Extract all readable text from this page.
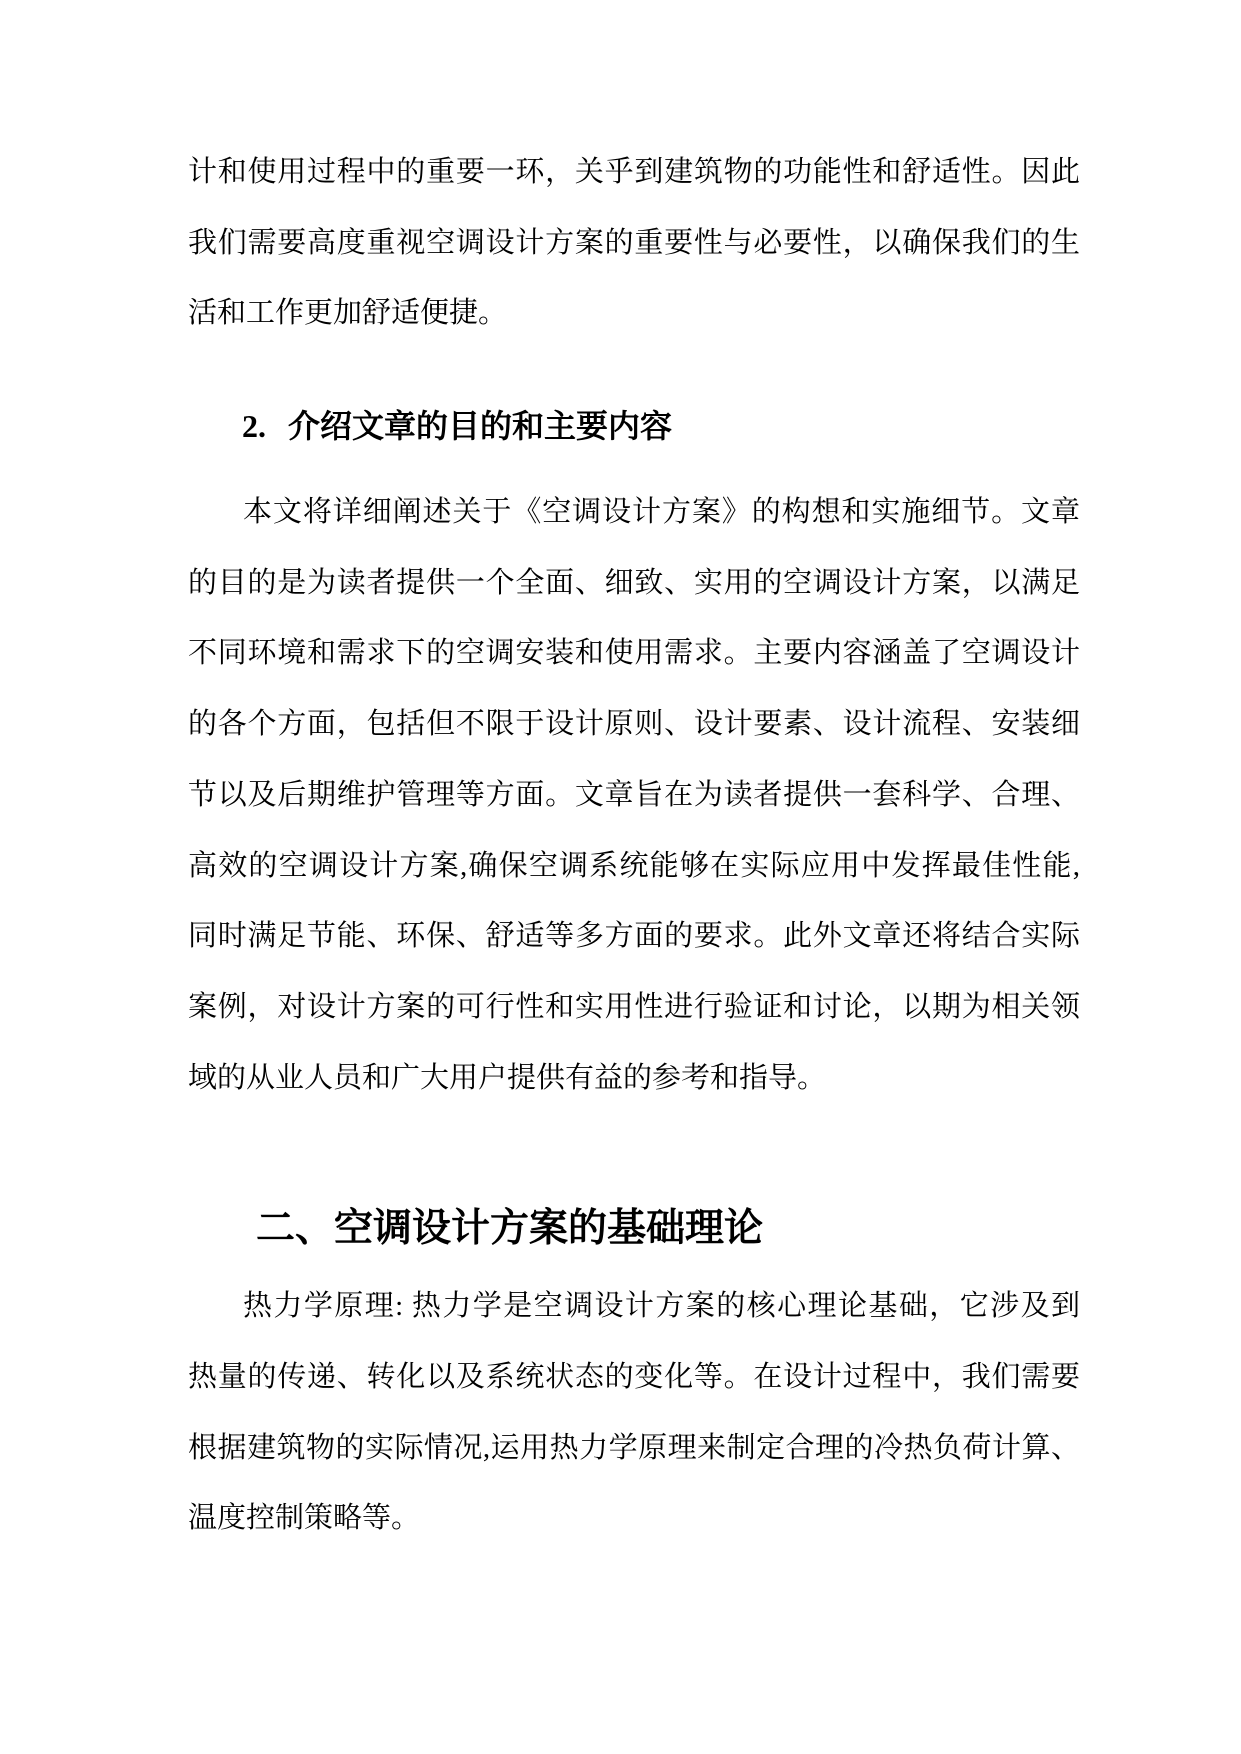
计和使用过程中的重要一环，关乎到建筑物的功能性和舒适性。因此
我们需要高度重视空调设计方案的重要性与必要性，以确保我们的生
活和工作更加舒适便捷。
2. 介绍文章的目的和主要内容
本文将详细阐述关于《空调设计方案》的构想和实施细节。文章
的目的是为读者提供一个全面、细致、实用的空调设计方案，以满足
不同环境和需求下的空调安装和使用需求。主要内容涵盖了空调设计
的各个方面，包括但不限于设计原则、设计要素、设计流程、安装细
节以及后期维护管理等方面。文章旨在为读者提供一套科学、合理、
高效的空调设计方案,确保空调系统能够在实际应用中发挥最佳性能,
同时满足节能、环保、舒适等多方面的要求。此外文章还将结合实际
案例，对设计方案的可行性和实用性进行验证和讨论，以期为相关领
域的从业人员和广大用户提供有益的参考和指导。
二、空调设计方案的基础理论
热力学原理: 热力学是空调设计方案的核心理论基础，它涉及到
热量的传递、转化以及系统状态的变化等。在设计过程中，我们需要
根据建筑物的实际情况,运用热力学原理来制定合理的冷热负荷计算、
温度控制策略等。
